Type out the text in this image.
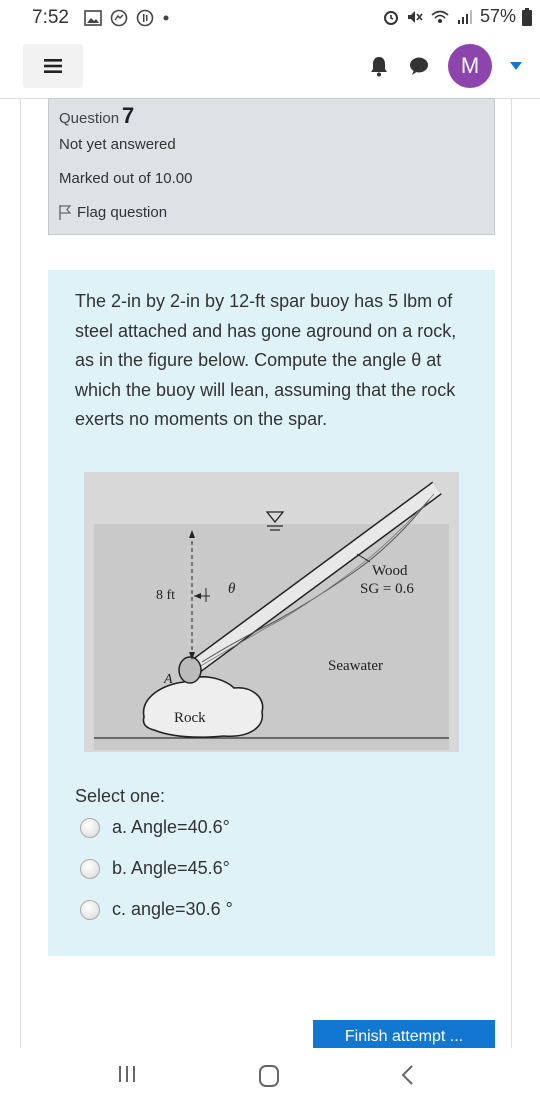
7:52	57%
M
Question 7
Not yet answered
Marked out of 10.00
Flag question
The 2-in by 2-in by 12-ft spar buoy has 5 lbm of steel attached and has gone aground on a rock, as in the figure below. Compute the angle θ at which the buoy will lean, assuming that the rock exerts no moments on the spar.
8 ft	θ
Wood
SG = 0.6
Seawater
A
Rock
Select one:
a. Angle=40.6°
b. Angle=45.6°
c. angle=30.6 °
Finish attempt ...
